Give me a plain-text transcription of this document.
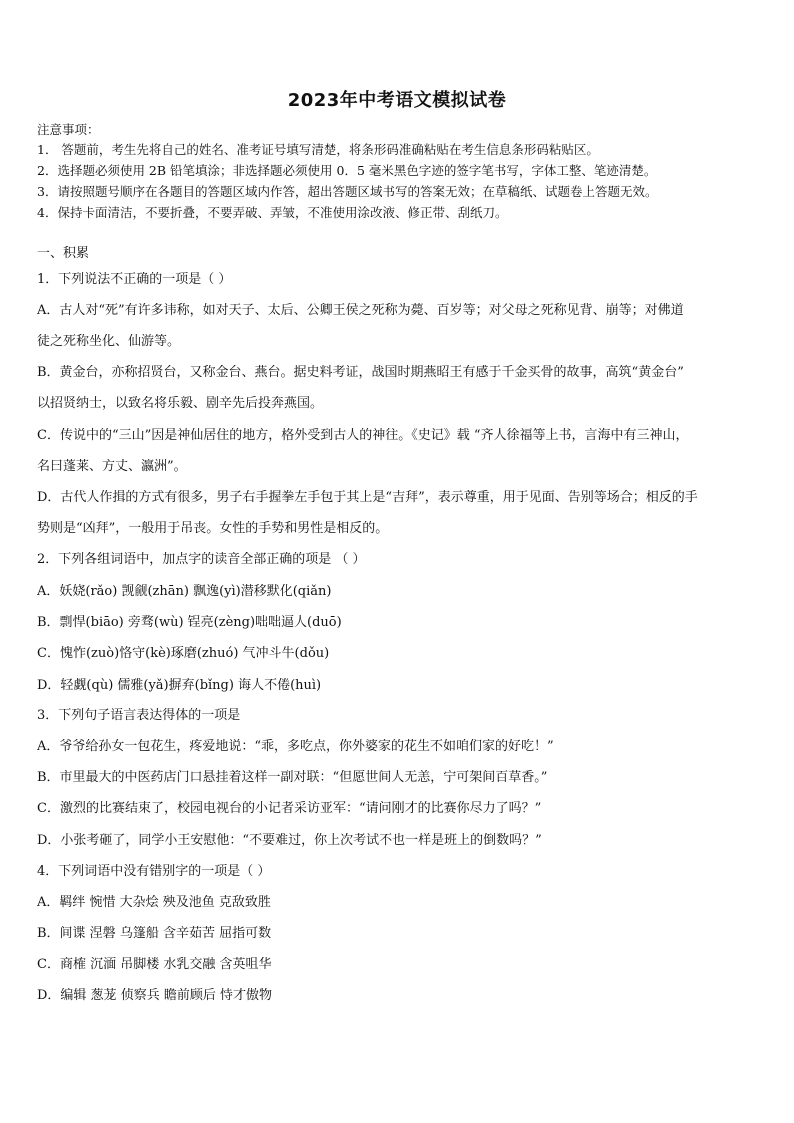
2023年中考语文模拟试卷
注意事项：
1． 答题前，考生先将自己的姓名、准考证号填写清楚，将条形码准确粘贴在考生信息条形码粘贴区。
2．选择题必须使用 2B 铅笔填涂；非选择题必须使用 0．5 毫米黑色字迹的签字笔书写，字体工整、笔迹清楚。
3．请按照题号顺序在各题目的答题区域内作答，超出答题区域书写的答案无效；在草稿纸、试题卷上答题无效。
4．保持卡面清洁，不要折叠，不要弄破、弄皱，不准使用涂改液、修正带、刮纸刀。
一、积累
1．下列说法不正确的一项是（ ）
A．古人对“死”有许多讳称，如对天子、太后、公卿王侯之死称为薨、百岁等；对父母之死称见背、崩等；对佛道
徒之死称坐化、仙游等。
B．黄金台，亦称招贤台，又称金台、燕台。据史料考证，战国时期燕昭王有感于千金买骨的故事，高筑“黄金台”
以招贤纳士，以致名将乐毅、剧辛先后投奔燕国。
C．传说中的“三山”因是神仙居住的地方，格外受到古人的神往。《史记》载 “齐人徐福等上书，言海中有三神山，
名曰蓬莱、方丈、瀛洲”。
D．古代人作揖的方式有很多，男子右手握拳左手包于其上是“吉拜”，表示尊重，用于见面、告别等场合；相反的手
势则是“凶拜”，一般用于吊丧。女性的手势和男性是相反的。
2．下列各组词语中，加点字的读音全部正确的项是 （ ）
A．妖娆(rǎo) 觊觎(zhān) 飘逸(yì)潜移默化(qiǎn)
B．剽悍(biāo) 旁骛(wù) 锃亮(zèng)咄咄逼人(duō)
C．愧怍(zuò)恪守(kè)琢磨(zhuó) 气冲斗牛(dǒu)
D．轻觑(qù) 儒雅(yǎ)摒弃(bǐng) 诲人不倦(huì)
3．下列句子语言表达得体的一项是
A．爷爷给孙女一包花生，疼爱地说：“乖，多吃点，你外婆家的花生不如咱们家的好吃！”
B．市里最大的中医药店门口悬挂着这样一副对联：“但愿世间人无恙，宁可架间百草香。”
C．激烈的比赛结束了，校园电视台的小记者采访亚军：“请问刚才的比赛你尽力了吗？”
D．小张考砸了，同学小王安慰他：“不要难过，你上次考试不也一样是班上的倒数吗？”
4．下列词语中没有错别字的一项是（ ）
A．羁绊 惋惜 大杂烩 殃及池鱼 克敌致胜
B．间谍 涅磐 乌篷船 含辛茹苦 屈指可数
C．商榷 沉湎 吊脚楼 水乳交融 含英咀华
D．编辑 葱茏 侦察兵 瞻前顾后 恃才傲物
